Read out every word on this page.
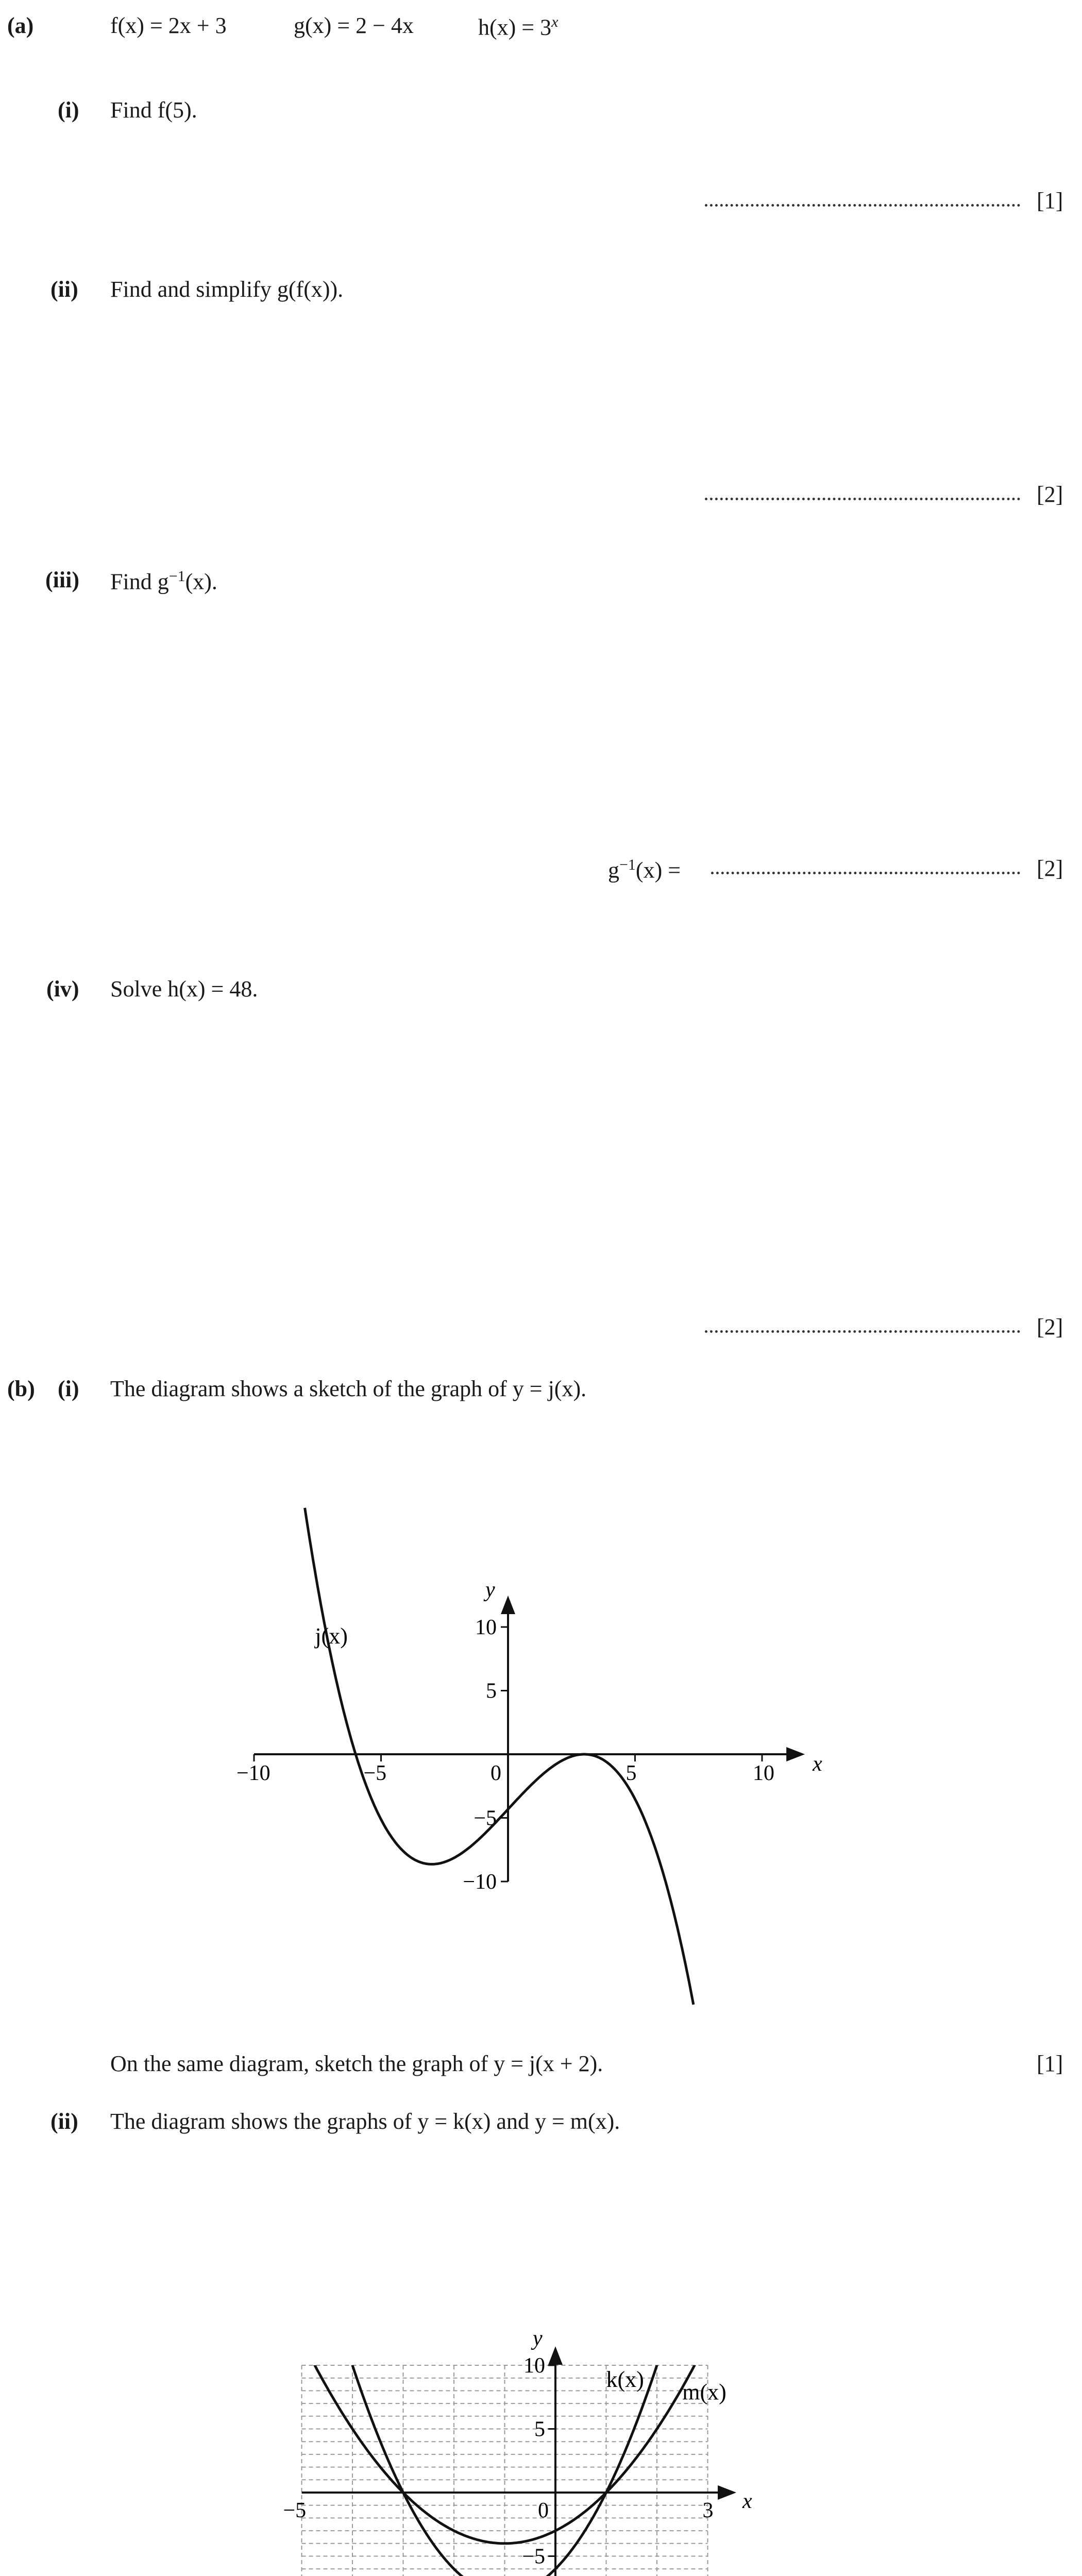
(a)	f(x) = 2x + 3	g(x) = 2 − 4x	$h(x) = 3^x$
(i) Find f(5).
[1]
(ii) Find and simplify g(f(x)).
[2]
(iii) Find $g^{-1}(x)$.
$g^{-1}(x)$ =	[2]
(iv) Solve h(x) = 48.
[2]
(b) (i) The diagram shows a sketch of the graph of y = j(x).
x
y
−10	−5	0	5	10
−10
−5
5
10
j(x)
On the same diagram, sketch the graph of y = j(x + 2).	[1]
(ii) The diagram shows the graphs of y = k(x) and y = m(x).
x
y
−5	0	3
−5
5
10
k(x)
m(x)
